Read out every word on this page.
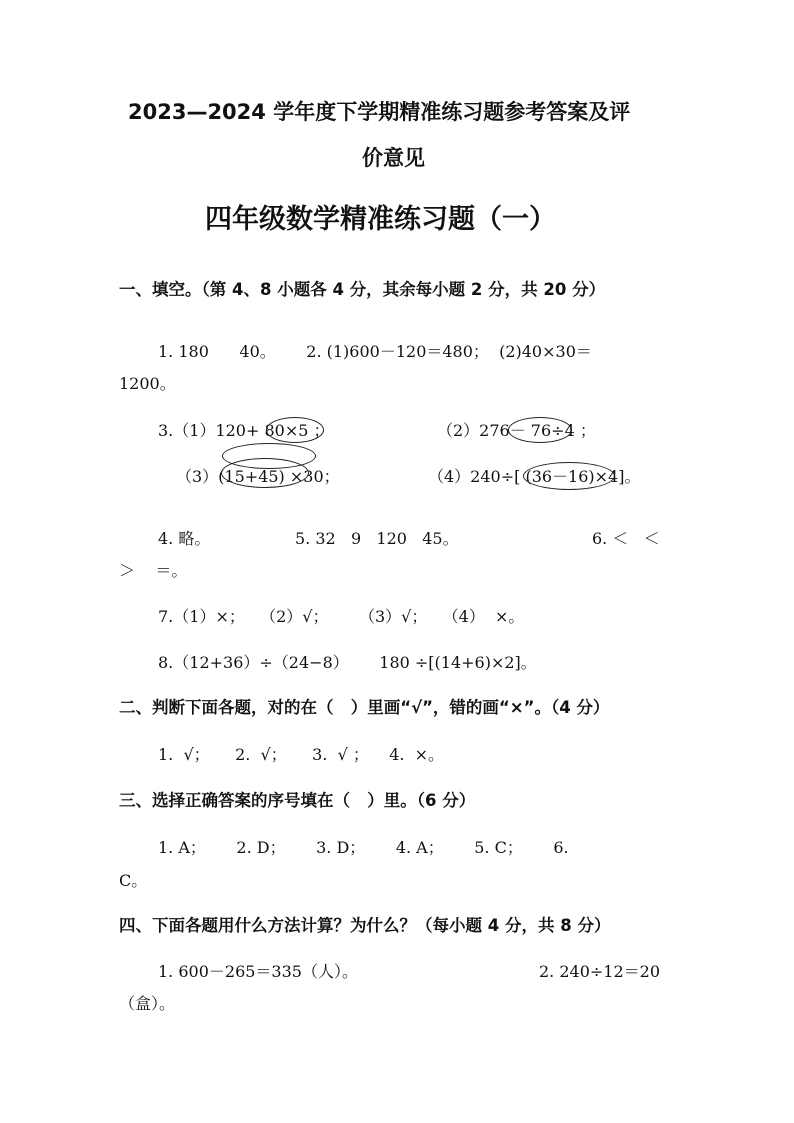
2023—2024 学年度下学期精准练习题参考答案及评
价意见
四年级数学精准练习题（一）
一、填空。（第 4、8 小题各 4 分，其余每小题 2 分，共 20 分）
1. 180      40。      2. (1)600－120＝480；  (2)40×30＝
1200。
3.（1）120+ 80×5 ；	（2）276－ 76÷4 ；
（3）(15+45) ×30；	（4）240÷[ (36－16)×4]。
4. 略。	5. 32   9   120   45。	6. ＜   ＜
＞    ＝。
7.（1）×；   （2）√；      （3）√；   （4）  ×。
8.（12+36）÷（24−8）      180 ÷[(14+6)×2]。
二、判断下面各题，对的在（   ）里画“√”，错的画“×”。（4 分）
1.  √；     2.  √；     3.  √ ；    4.  ×。
三、选择正确答案的序号填在（   ）里。（6 分）
1. A；      2. D；      3. D；      4. A；      5. C；      6.
C。
四、下面各题用什么方法计算？为什么？（每小题 4 分，共 8 分）
1. 600－265＝335（人）。	2. 240÷12＝20
（盒）。
